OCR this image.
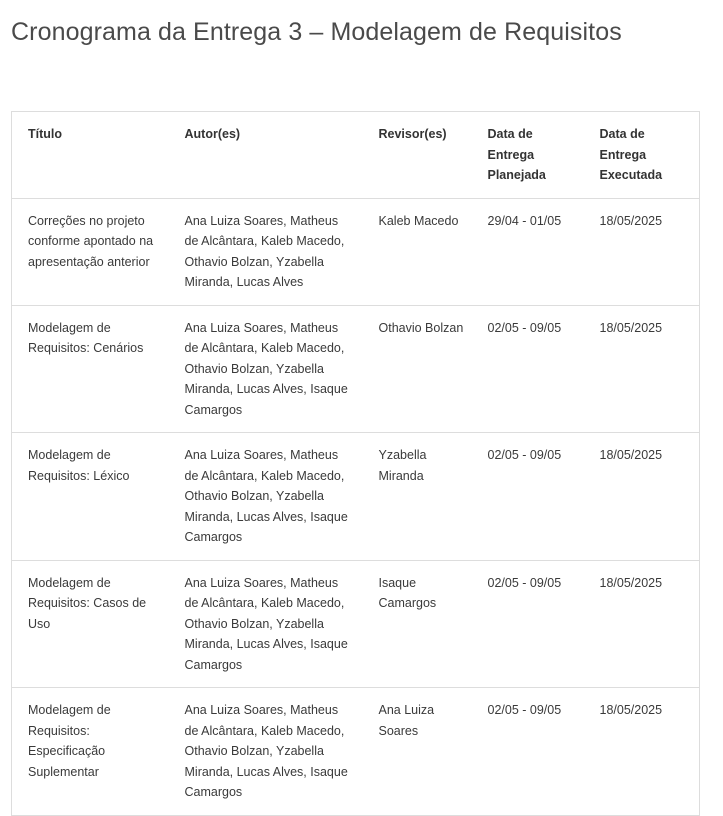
Cronograma da Entrega 3 – Modelagem de Requisitos
Título	Autor(es)	Revisor(es)	Data de Entrega Planejada	Data de Entrega Executada
Correções no projeto conforme apontado na apresentação anterior	Ana Luiza Soares, Matheus de Alcântara, Kaleb Macedo, Othavio Bolzan, Yzabella Miranda, Lucas Alves	Kaleb Macedo	29/04 - 01/05	18/05/2025
Modelagem de Requisitos: Cenários	Ana Luiza Soares, Matheus de Alcântara, Kaleb Macedo, Othavio Bolzan, Yzabella Miranda, Lucas Alves, Isaque Camargos	Othavio Bolzan	02/05 - 09/05	18/05/2025
Modelagem de Requisitos: Léxico	Ana Luiza Soares, Matheus de Alcântara, Kaleb Macedo, Othavio Bolzan, Yzabella Miranda, Lucas Alves, Isaque Camargos	Yzabella Miranda	02/05 - 09/05	18/05/2025
Modelagem de Requisitos: Casos de Uso	Ana Luiza Soares, Matheus de Alcântara, Kaleb Macedo, Othavio Bolzan, Yzabella Miranda, Lucas Alves, Isaque Camargos	Isaque Camargos	02/05 - 09/05	18/05/2025
Modelagem de Requisitos: Especificação Suplementar	Ana Luiza Soares, Matheus de Alcântara, Kaleb Macedo, Othavio Bolzan, Yzabella Miranda, Lucas Alves, Isaque Camargos	Ana Luiza Soares	02/05 - 09/05	18/05/2025
